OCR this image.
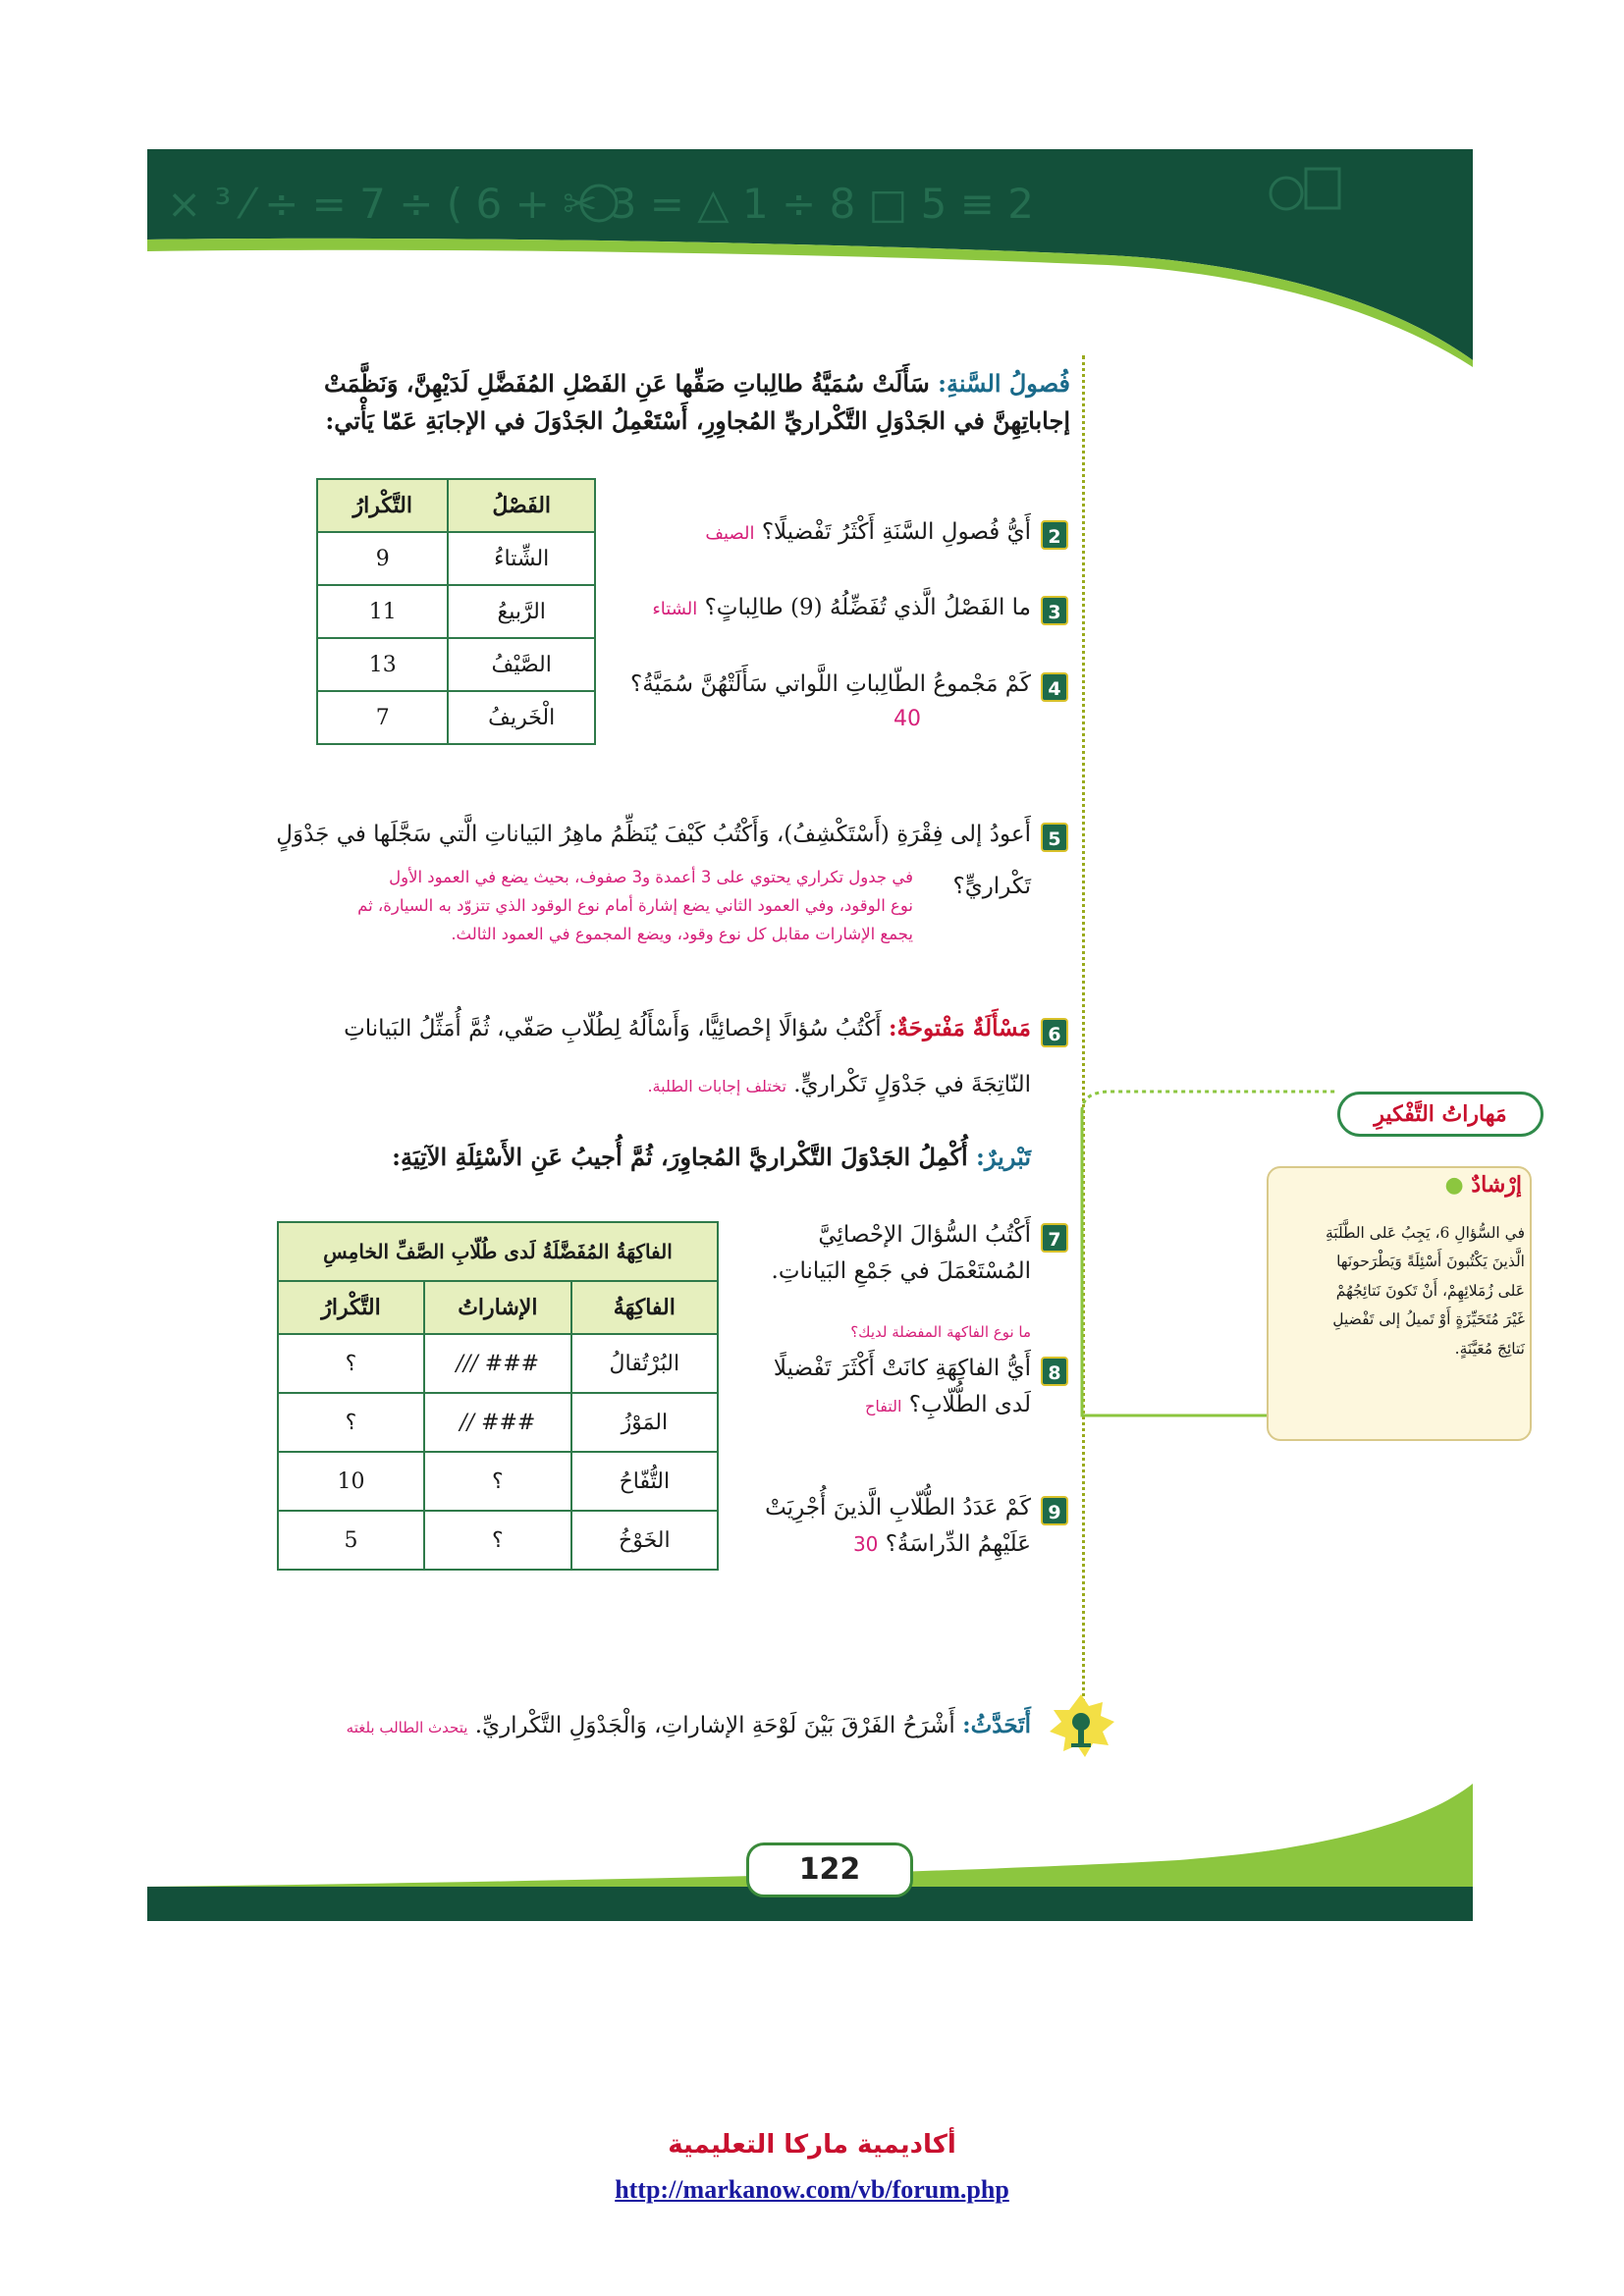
× ³ ⁄ ÷ = 7 ÷ ( 6 + ✂ 3 = △ 1 ÷ 8 □ 5 ≡ 2
فُصولُ السَّنةِ: سَأَلَتْ سُمَيَّةُ طالِباتِ صَفِّها عَنِ الفَصْلِ المُفَضَّلِ لَدَيْهِنَّ، وَنَظَّمَتْ
إجاباتِهِنَّ في الجَدْوَلِ التَّكْراريِّ المُجاوِرِ، أَسْتَعْمِلُ الجَدْوَلَ في الإجابَةِ عَمّا يَأْتي:
الفَصْلُ	التَّكْرارُ
الشِّتاءُ	9
الرَّبيعُ	11
الصَّيْفُ	13
الْخَريفُ	7
2
أَيُّ فُصولِ السَّنَةِ أَكْثَرُ تَفْضيلًا؟ الصيف
3
ما الفَصْلُ الَّذي تُفَضِّلُهُ (9) طالِباتٍ؟ الشتاء
4
كَمْ مَجْموعُ الطّالِباتِ اللَّواتي سَأَلَتْهُنَّ سُمَيَّةُ؟
40
5
أَعودُ إلى فِقْرَةِ (أَسْتَكْشِفُ)، وَأَكْتُبُ كَيْفَ يُنَظِّمُ ماهِرُ البَياناتِ الَّتي سَجَّلَها في جَدْوَلٍ
تَكْراريٍّ؟
في جدول تكراري يحتوي على 3 أعمدة و3 صفوف، بحيث يضع في العمود الأول
نوع الوقود، وفي العمود الثاني يضع إشارة أمام نوع الوقود الذي تتزوّد به السيارة، ثم
يجمع الإشارات مقابل كل نوع وقود، ويضع المجموع في العمود الثالث.
6
مَسْأَلَةٌ مَفْتوحَةٌ: أَكْتُبُ سُؤالًا إحْصائِيًّا، وَأَسْأَلُهُ لِطُلّابِ صَفّي، ثُمَّ أُمَثِّلُ البَياناتِ
النّاتِجَةَ في جَدْوَلٍ تَكْراريٍّ. تختلف إجابات الطلبة.
تَبْريرٌ: أُكْمِلُ الجَدْوَلَ التَّكْراريَّ المُجاوِرَ، ثُمَّ أُجيبُ عَنِ الأَسْئِلَةِ الآتِيَةِ:
الفاكِهَةُ المُفَضَّلَةُ لَدى طُلّابِ الصَّفِّ الخامِسِ		
الفاكِهَةُ	الإشاراتُ	التَّكْرارُ
البُرْتُقالُ	/// ###	؟
المَوْزُ	// ###	؟
التُّفّاحُ	؟	10
الخَوْخُ	؟	5
7
أَكْتُبُ السُّؤالَ الإحْصائِيَّ
المُسْتَعْمَلَ في جَمْعِ البَياناتِ.
ما نوع الفاكهة المفضلة لديك؟
8
أَيُّ الفاكِهَةِ كانَتْ أَكْثَرَ تَفْضيلًا
لَدى الطُّلّابِ؟ التفاح
9
كَمْ عَدَدُ الطُّلّابِ الَّذينَ أُجْرِيَتْ
عَلَيْهِمُ الدِّراسَةُ؟ 30
مَهاراتُ التَّفْكيرِ
إرْشادٌ ●
في السُّؤالِ 6، يَجِبُ عَلى الطَّلَبَةِ
الَّذينَ يَكْتُبونَ أَسْئِلَةً وَيَطْرَحونَها
عَلى زُمَلائِهِمْ، أَنْ تَكونَ نَتائِجُهُمْ
غَيْرَ مُتَحَيِّزَةٍ أَوْ تَميلُ إلى تَفْضيلِ
نَتائِجَ مُعَيَّنَةٍ.
أَتَحَدَّثُ: أَشْرَحُ الفَرْقَ بَيْنَ لَوْحَةِ الإشاراتِ، وَالْجَدْوَلِ التَّكْراريِّ. يتحدث الطالب بلغته
122
أكاديمية ماركا التعليمية
http://markanow.com/vb/forum.php
